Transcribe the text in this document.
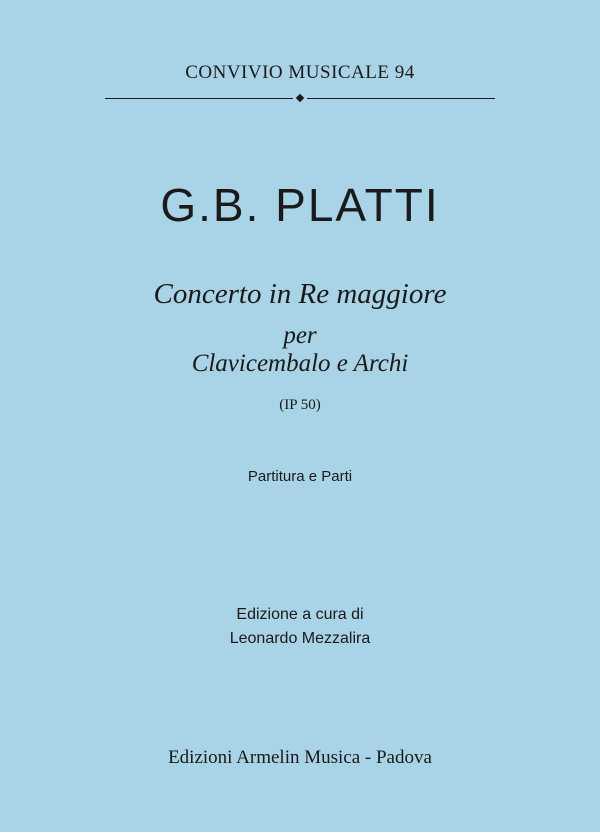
CONVIVIO MUSICALE 94
G.B. PLATTI
Concerto in Re maggiore
per
Clavicembalo e Archi
(IP 50)
Partitura e Parti
Edizione a cura di
Leonardo Mezzalira
Edizioni Armelin Musica - Padova
